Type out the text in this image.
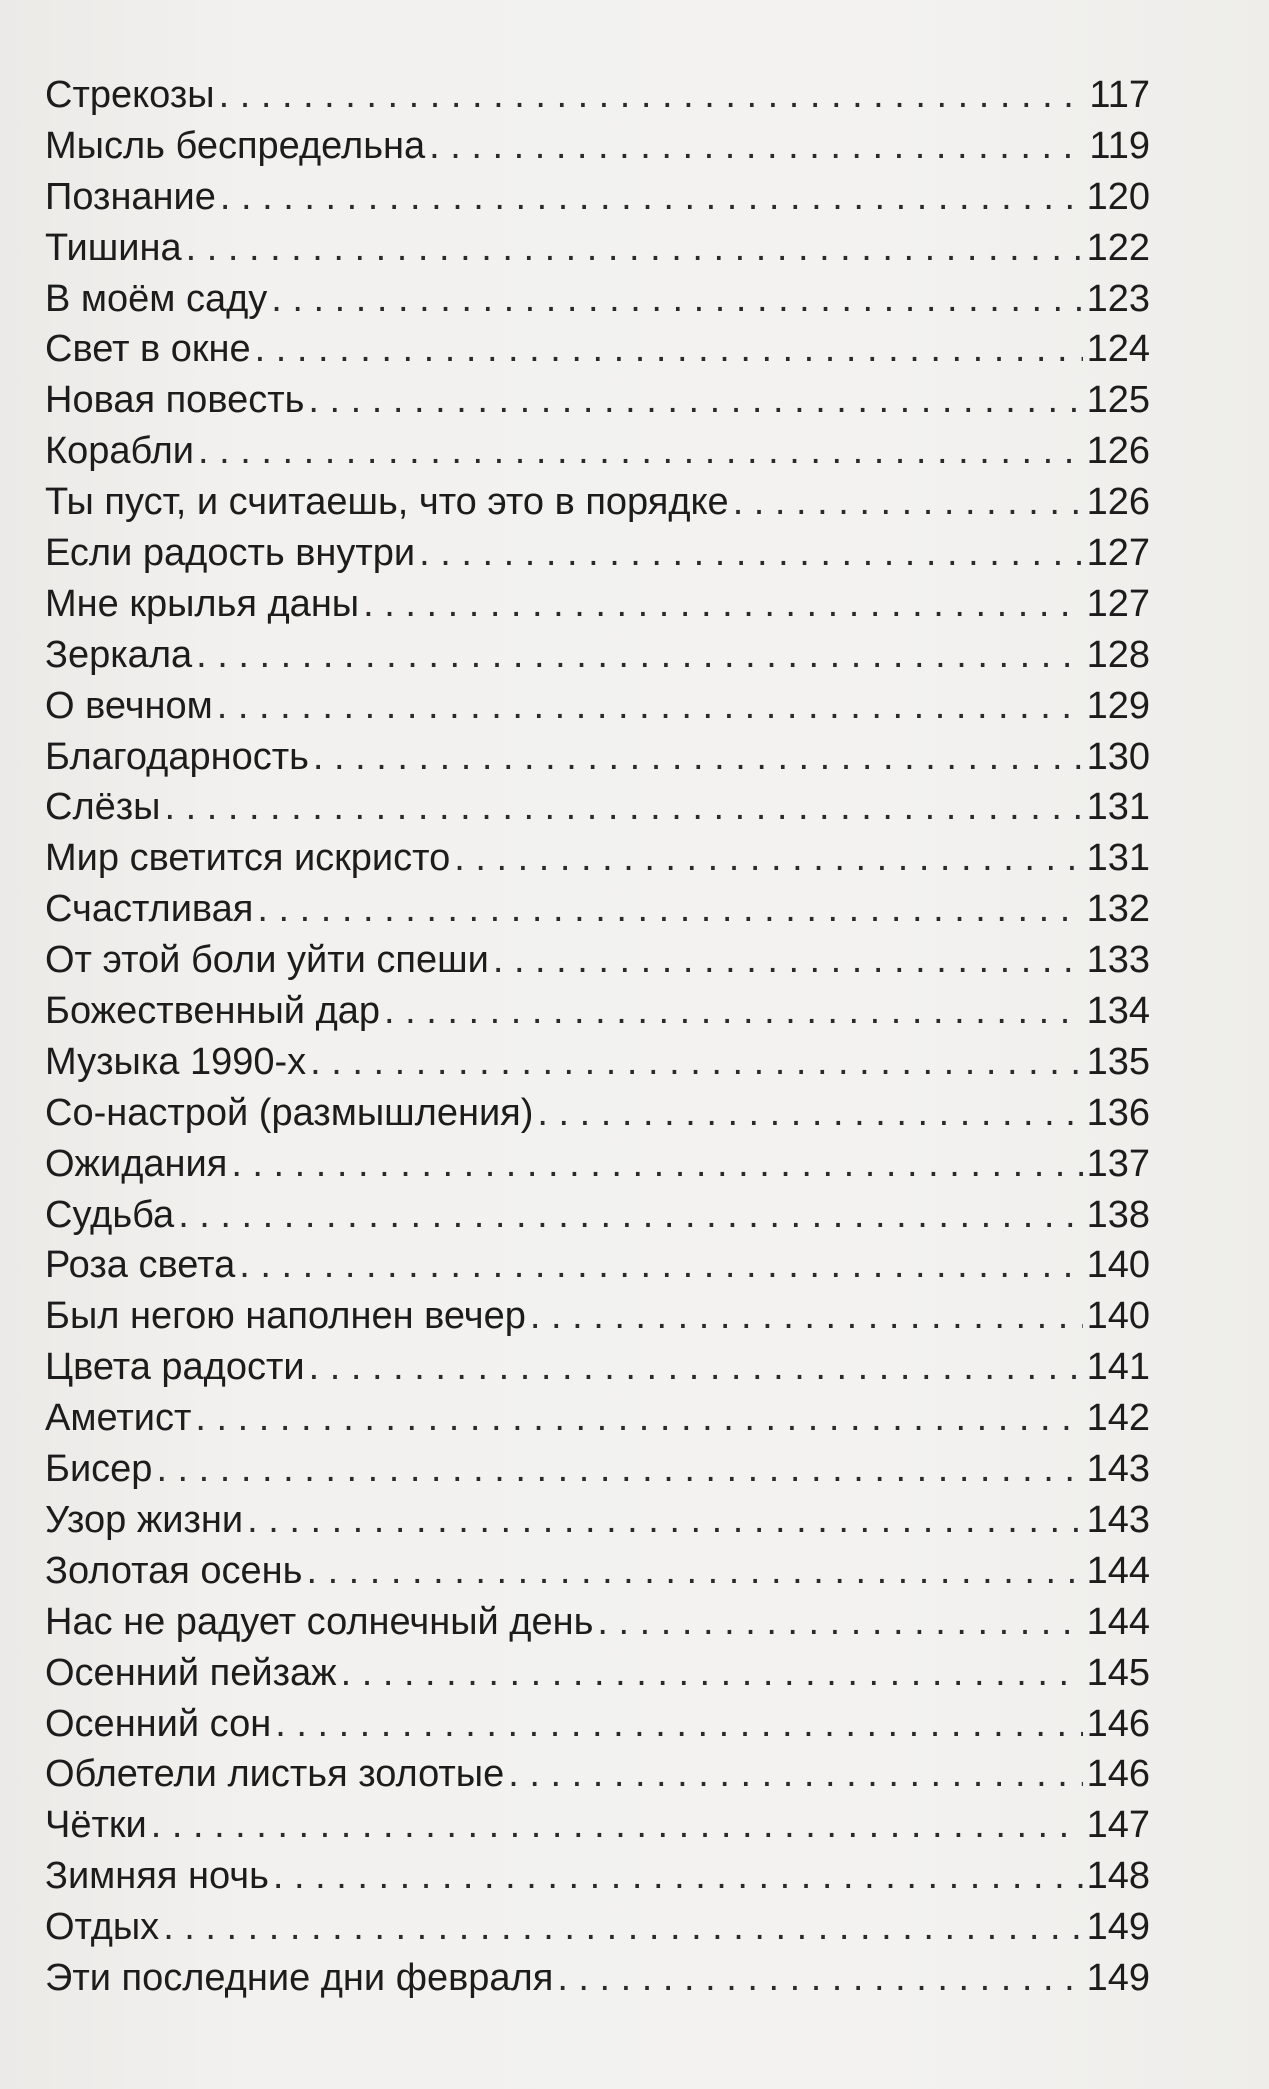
Стрекозы . . .	117
Мысль беспредельна . . .	119
Познание . . .	120
Тишина . . .	122
В моём саду . . .	123
Свет в окне . . .	124
Новая повесть . . .	125
Корабли . . .	126
Ты пуст, и считаешь, что это в порядке . . .	126
Если радость внутри . . .	127
Мне крылья даны . . .	127
Зеркала . . .	128
О вечном . . .	129
Благодарность . . .	130
Слёзы . . .	131
Мир светится искристо . . .	131
Счастливая . . .	132
От этой боли уйти спеши . . .	133
Божественный дар . . .	134
Музыка 1990-х . . .	135
Со-настрой (размышления) . . .	136
Ожидания . . .	137
Судьба . . .	138
Роза света . . .	140
Был негою наполнен вечер . . .	140
Цвета радости . . .	141
Аметист . . .	142
Бисер . . .	143
Узор жизни . . .	143
Золотая осень . . .	144
Нас не радует солнечный день . . .	144
Осенний пейзаж . . .	145
Осенний сон . . .	146
Облетели листья золотые . . .	146
Чётки . . .	147
Зимняя ночь . . .	148
Отдых . . .	149
Эти последние дни февраля . . .	149
